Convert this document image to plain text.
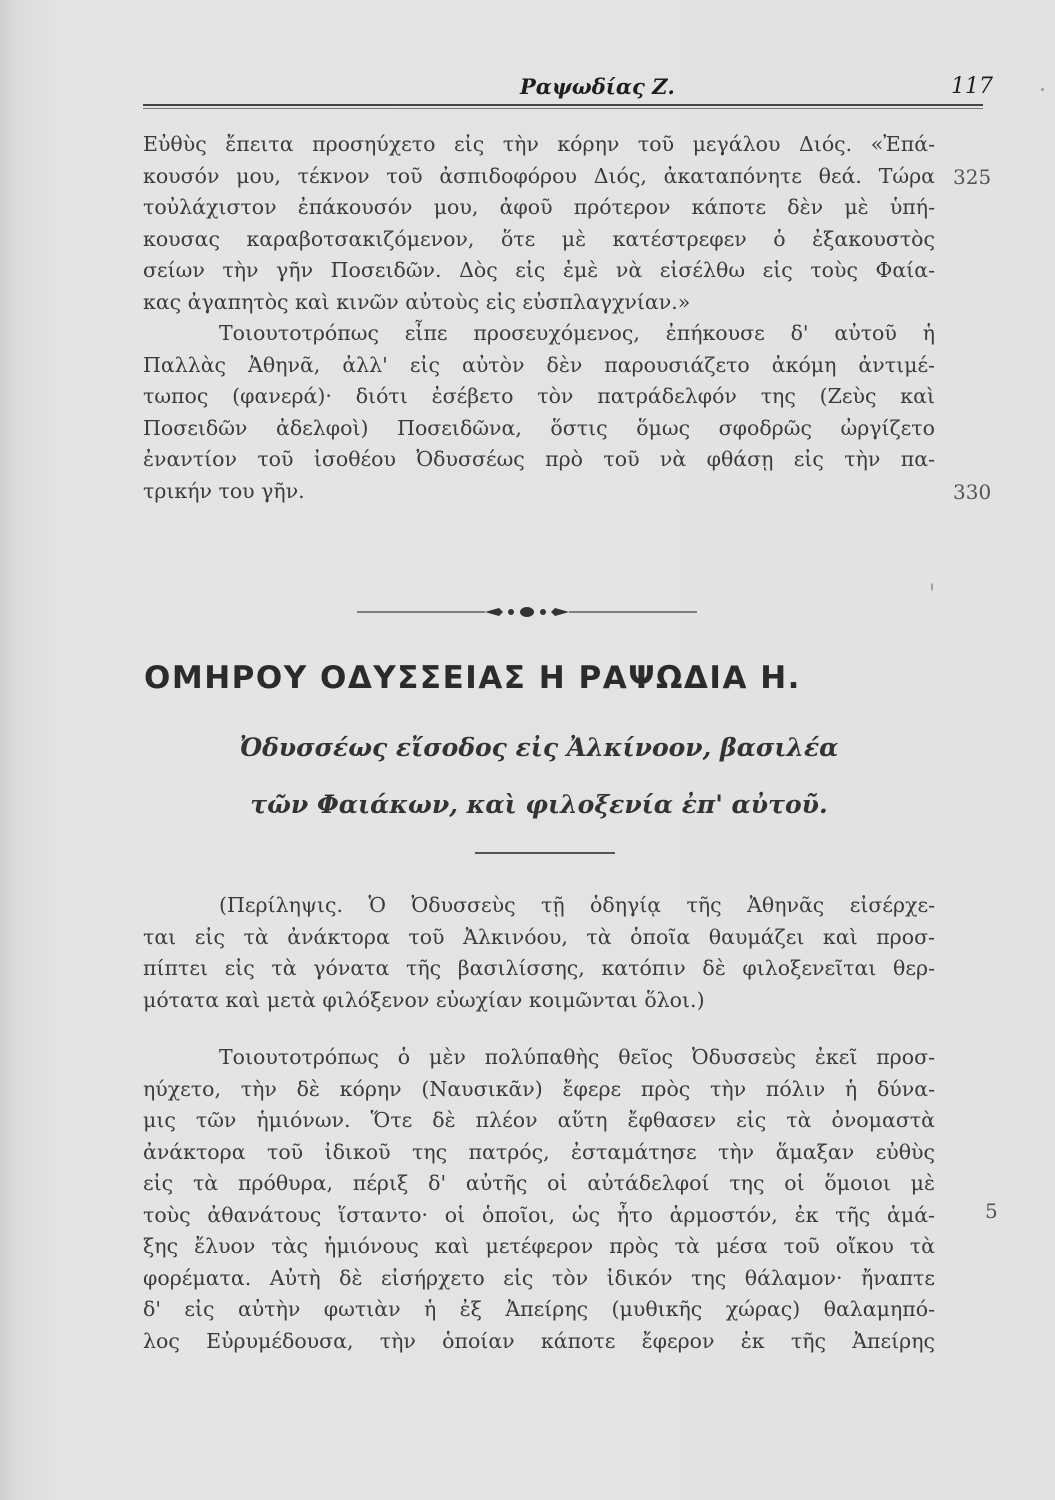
Ραψωδίας Ζ.	117
Εὐθὺς ἔπειτα προσηύχετο εἰς τὴν κόρην τοῦ μεγάλου Διός. «Ἐπά-
κουσόν μου, τέκνον τοῦ ἀσπιδοφόρου Διός, ἀκαταπόνητε θεά. Τώρα
τοὐλάχιστον ἐπάκουσόν μου, ἀφοῦ πρότερον κάποτε δὲν μὲ ὑπή-
κουσας καραβοτσακιζόμενον, ὅτε μὲ κατέστρεφεν ὁ ἐξακουστὸς
σείων τὴν γῆν Ποσειδῶν. Δὸς εἰς ἐμὲ νὰ εἰσέλθω εἰς τοὺς Φαία-
κας ἀγαπητὸς καὶ κινῶν αὐτοὺς εἰς εὐσπλαγχνίαν.»
Τοιουτοτρόπως εἶπε προσευχόμενος, ἐπήκουσε δ' αὐτοῦ ἡ
Παλλὰς Ἀθηνᾶ, ἀλλ' εἰς αὐτὸν δὲν παρουσιάζετο ἀκόμη ἀντιμέ-
τωπος (φανερά)· διότι ἐσέβετο τὸν πατράδελφόν της (Ζεὺς καὶ
Ποσειδῶν ἀδελφοὶ) Ποσειδῶνα, ὅστις ὅμως σφοδρῶς ὠργίζετο
ἐναντίον τοῦ ἰσοθέου Ὀδυσσέως πρὸ τοῦ νὰ φθάσῃ εἰς τὴν πα-
τρικήν του γῆν.
325
330
ΟΜΗΡΟΥ ΟΔΥΣΣΕΙΑΣ Η ΡΑΨΩΔΙΑ Η.
Ὀδυσσέως εἴσοδος εἰς Ἀλκίνοον, βασιλέα
τῶν Φαιάκων, καὶ φιλοξενία ἐπ' αὐτοῦ.
(Περίληψις. Ὁ Ὀδυσσεὺς τῇ ὁδηγίᾳ τῆς Ἀθηνᾶς εἰσέρχε-
ται εἰς τὰ ἀνάκτορα τοῦ Ἀλκινόου, τὰ ὁποῖα θαυμάζει καὶ προσ-
πίπτει εἰς τὰ γόνατα τῆς βασιλίσσης, κατόπιν δὲ φιλοξενεῖται θερ-
μότατα καὶ μετὰ φιλόξενον εὐωχίαν κοιμῶνται ὅλοι.)
Τοιουτοτρόπως ὁ μὲν πολύπαθὴς θεῖος Ὀδυσσεὺς ἐκεῖ προσ-
ηύχετο, τὴν δὲ κόρην (Ναυσικᾶν) ἔφερε πρὸς τὴν πόλιν ἡ δύνα-
μις τῶν ἡμιόνων. Ὅτε δὲ πλέον αὕτη ἔφθασεν εἰς τὰ ὀνομαστὰ
ἀνάκτορα τοῦ ἰδικοῦ της πατρός, ἐσταμάτησε τὴν ἅμαξαν εὐθὺς
εἰς τὰ πρόθυρα, πέριξ δ' αὐτῆς οἱ αὐτάδελφοί της οἱ ὅμοιοι μὲ
τοὺς ἀθανάτους ἵσταντο· οἱ ὁποῖοι, ὡς ἦτο ἁρμοστόν, ἐκ τῆς ἁμά-
ξης ἔλυον τὰς ἡμιόνους καὶ μετέφερον πρὸς τὰ μέσα τοῦ οἴκου τὰ
φορέματα. Αὐτὴ δὲ εἰσήρχετο εἰς τὸν ἰδικόν της θάλαμον· ἤναπτε
δ' εἰς αὐτὴν φωτιὰν ἡ ἐξ Ἀπείρης (μυθικῆς χώρας) θαλαμηπό-
λος Εὐρυμέδουσα, τὴν ὁποίαν κάποτε ἔφερον ἐκ τῆς Ἀπείρης
5
